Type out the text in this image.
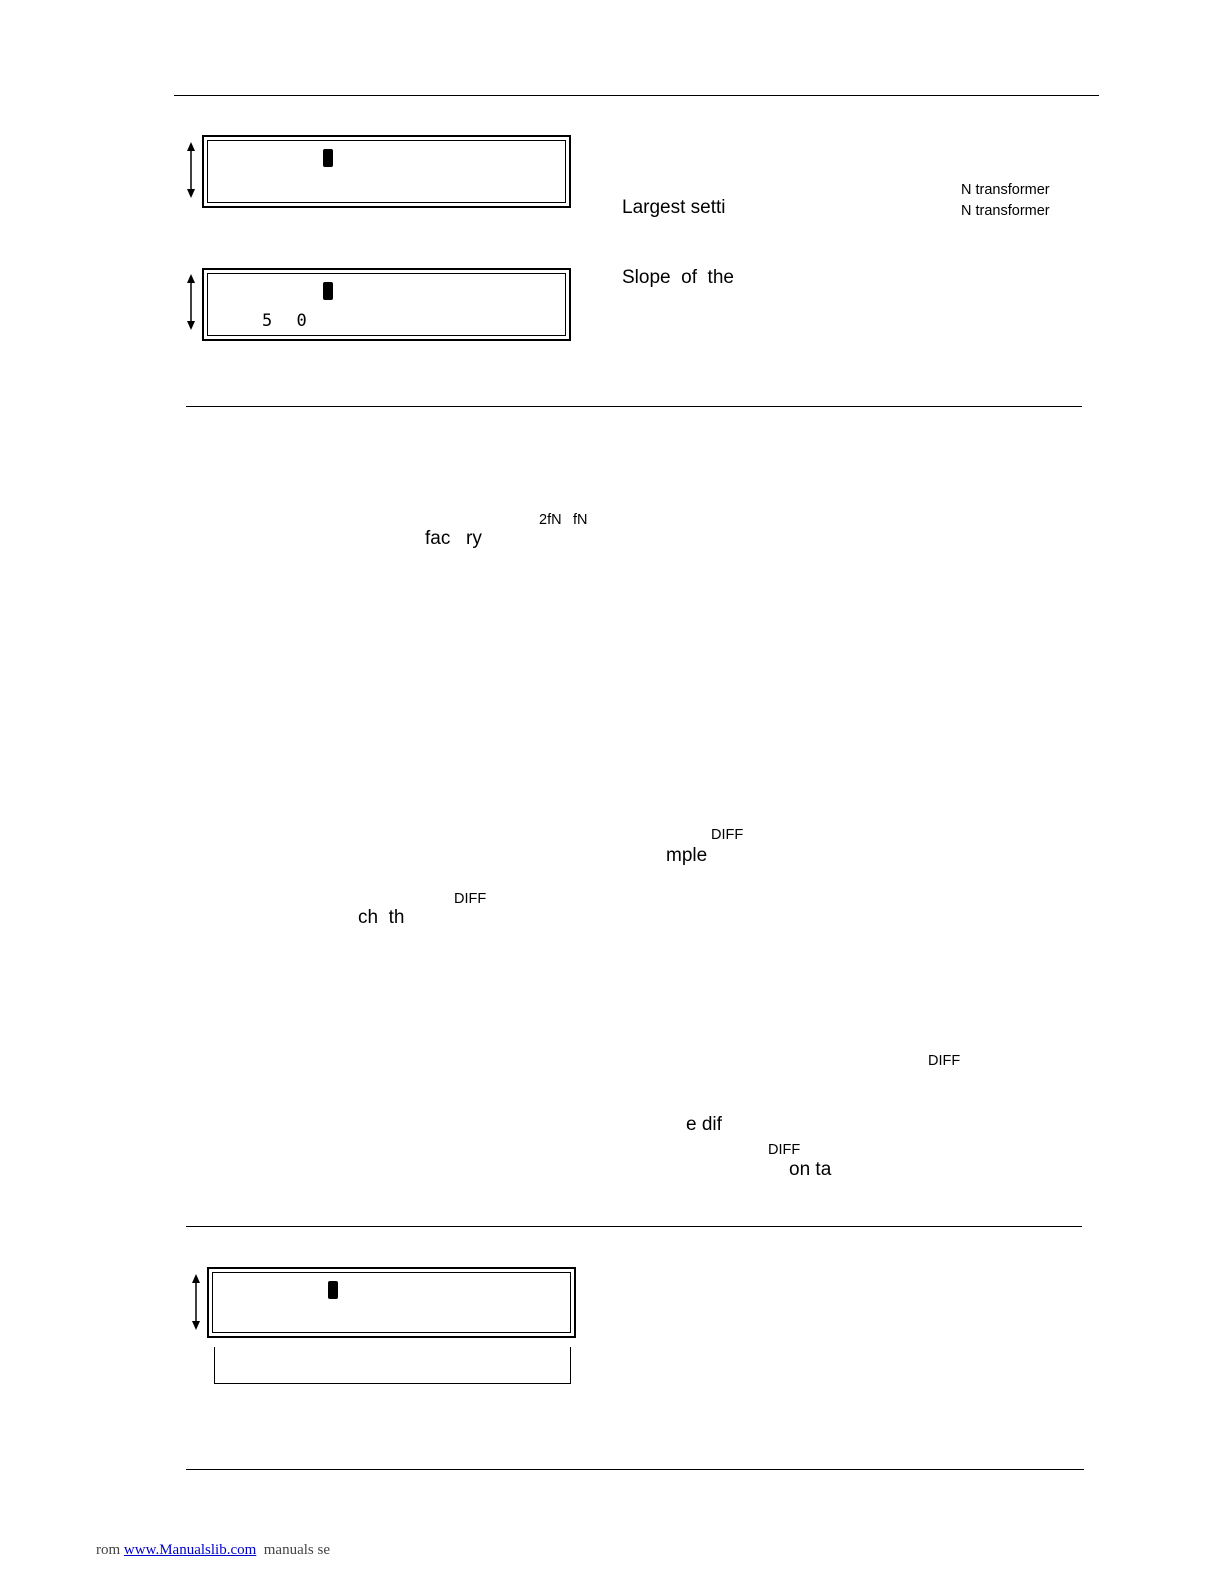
N transformer
N transformer
Largest setti
5 0
Slope  of  the
2fN fN
fac ry
DIFF
mple
DIFF
ch  th
DIFF
e dif
DIFF
on ta
rom www.Manualslib.com  manuals se
